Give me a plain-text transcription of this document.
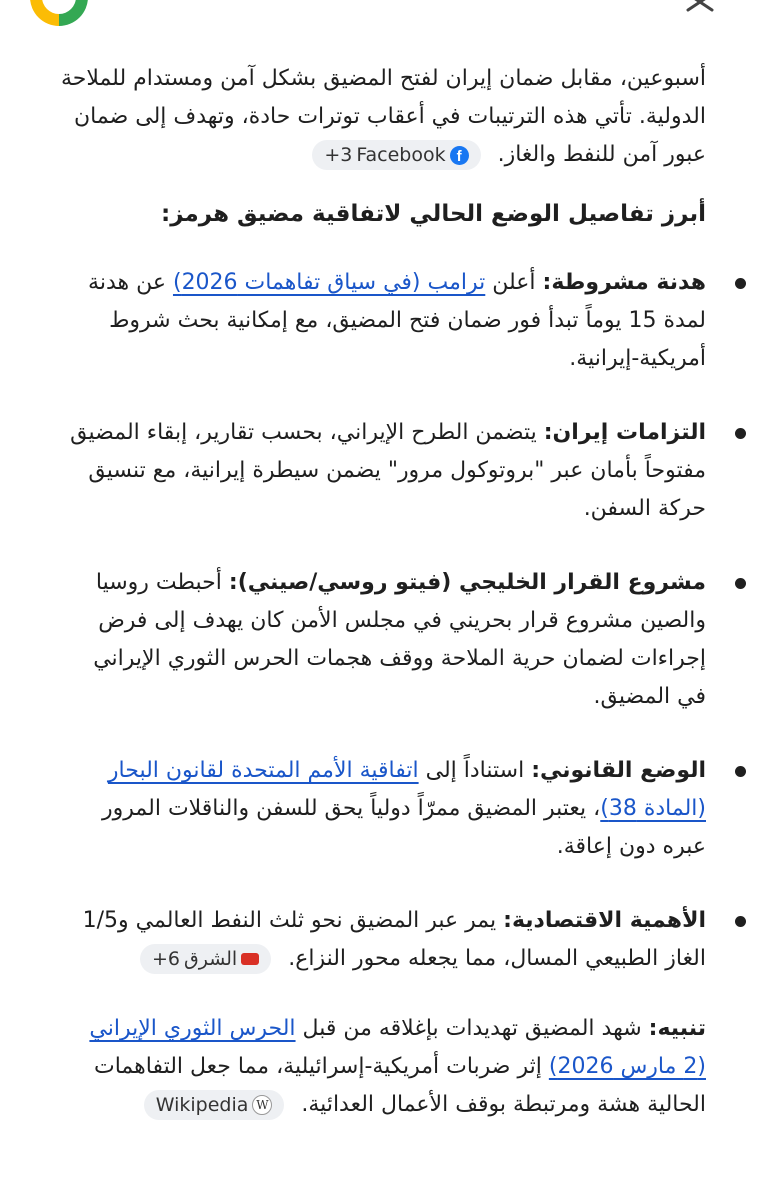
أسبوعين، مقابل ضمان إيران لفتح المضيق بشكل آمن ومستدام للملاحة الدولية. تأتي هذه الترتيبات في أعقاب توترات حادة، وتهدف إلى ضمان عبور آمن للنفط والغاز.
+3 Facebook f

أبرز تفاصيل الوضع الحالي لاتفاقية مضيق هرمز:
هدنة مشروطة: أعلن ترامب (في سياق تفاهمات 2026) عن هدنة لمدة 15 يوماً تبدأ فور ضمان فتح المضيق، مع إمكانية بحث شروط أمريكية-إيرانية.
التزامات إيران: يتضمن الطرح الإيراني، بحسب تقارير، إبقاء المضيق مفتوحاً بأمان عبر "بروتوكول مرور" يضمن سيطرة إيرانية، مع تنسيق حركة السفن.
مشروع القرار الخليجي (فيتو روسي/صيني): أحبطت روسيا والصين مشروع قرار بحريني في مجلس الأمن كان يهدف إلى فرض إجراءات لضمان حرية الملاحة ووقف هجمات الحرس الثوري الإيراني في المضيق.
الوضع القانوني: استناداً إلى اتفاقية الأمم المتحدة لقانون البحار (المادة 38)، يعتبر المضيق ممرّاً دولياً يحق للسفن والناقلات المرور عبره دون إعاقة.
الأهمية الاقتصادية: يمر عبر المضيق نحو ثلث النفط العالمي و1/5 الغاز الطبيعي المسال، مما يجعله محور النزاع.
+6 الشرق

تنبيه: شهد المضيق تهديدات بإغلاقه من قبل الحرس الثوري الإيراني (2 مارس 2026) إثر ضربات أمريكية-إسرائيلية، مما جعل التفاهمات الحالية هشة ومرتبطة بوقف الأعمال العدائية.
Wikipedia W
